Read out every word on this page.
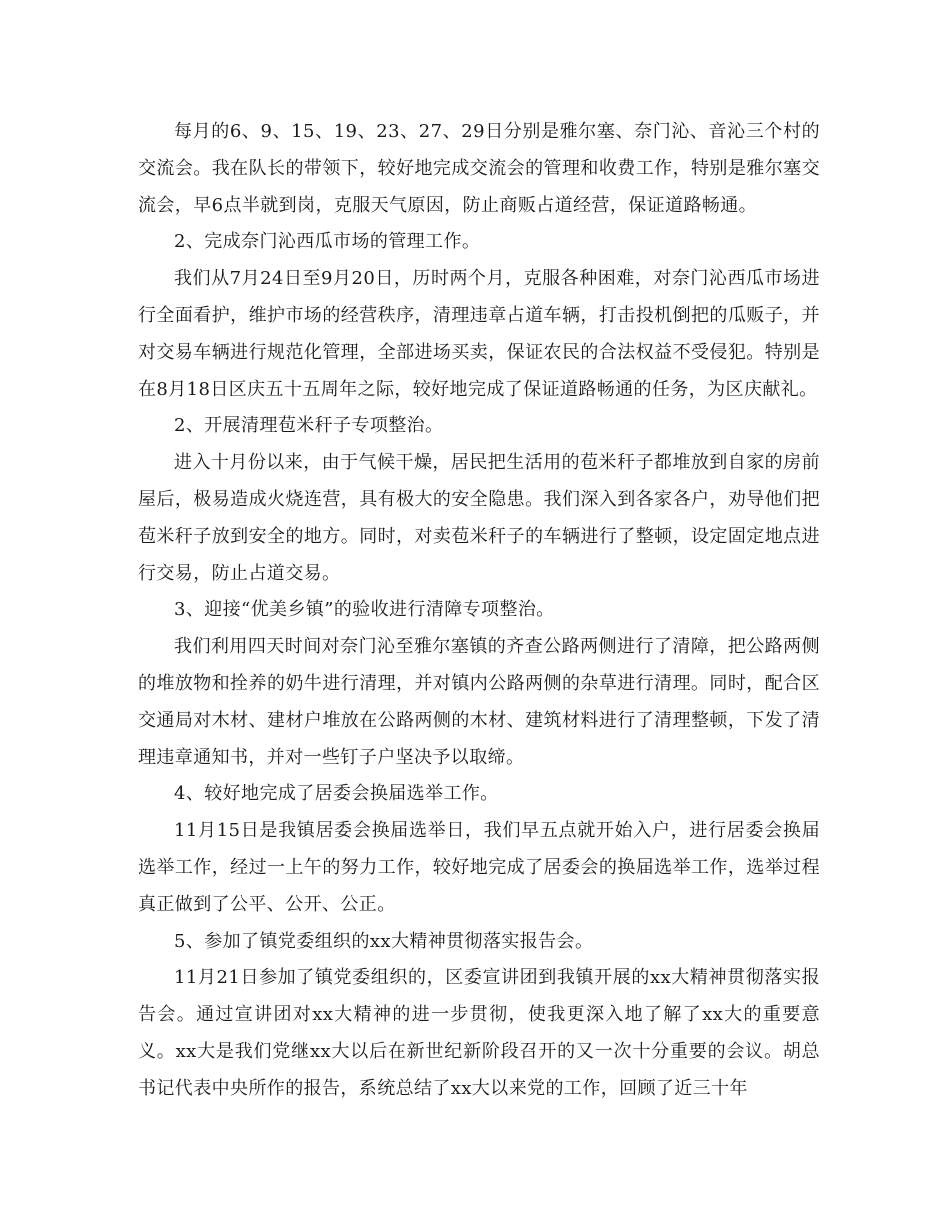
每月的6、9、15、19、23、27、29日分别是雅尔塞、奈门沁、音沁三个村的交流会。我在队长的带领下，较好地完成交流会的管理和收费工作，特别是雅尔塞交流会，早6点半就到岗，克服天气原因，防止商贩占道经营，保证道路畅通。

2、完成奈门沁西瓜市场的管理工作。

我们从7月24日至9月20日，历时两个月，克服各种困难，对奈门沁西瓜市场进行全面看护，维护市场的经营秩序，清理违章占道车辆，打击投机倒把的瓜贩子，并对交易车辆进行规范化管理，全部进场买卖，保证农民的合法权益不受侵犯。特别是在8月18日区庆五十五周年之际，较好地完成了保证道路畅通的任务，为区庆献礼。

2、开展清理苞米秆子专项整治。

进入十月份以来，由于气候干燥，居民把生活用的苞米秆子都堆放到自家的房前屋后，极易造成火烧连营，具有极大的安全隐患。我们深入到各家各户，劝导他们把苞米秆子放到安全的地方。同时，对卖苞米秆子的车辆进行了整顿，设定固定地点进行交易，防止占道交易。

3、迎接“优美乡镇”的验收进行清障专项整治。

我们利用四天时间对奈门沁至雅尔塞镇的齐查公路两侧进行了清障，把公路两侧的堆放物和拴养的奶牛进行清理，并对镇内公路两侧的杂草进行清理。同时，配合区交通局对木材、建材户堆放在公路两侧的木材、建筑材料进行了清理整顿，下发了清理违章通知书，并对一些钉子户坚决予以取缔。

4、较好地完成了居委会换届选举工作。

11月15日是我镇居委会换届选举日，我们早五点就开始入户，进行居委会换届选举工作，经过一上午的努力工作，较好地完成了居委会的换届选举工作，选举过程真正做到了公平、公开、公正。

5、参加了镇党委组织的xx大精神贯彻落实报告会。

11月21日参加了镇党委组织的，区委宣讲团到我镇开展的xx大精神贯彻落实报告会。通过宣讲团对xx大精神的进一步贯彻，使我更深入地了解了xx大的重要意义。xx大是我们党继xx大以后在新世纪新阶段召开的又一次十分重要的会议。胡总书记代表中央所作的报告，系统总结了xx大以来党的工作，回顾了近三十年
